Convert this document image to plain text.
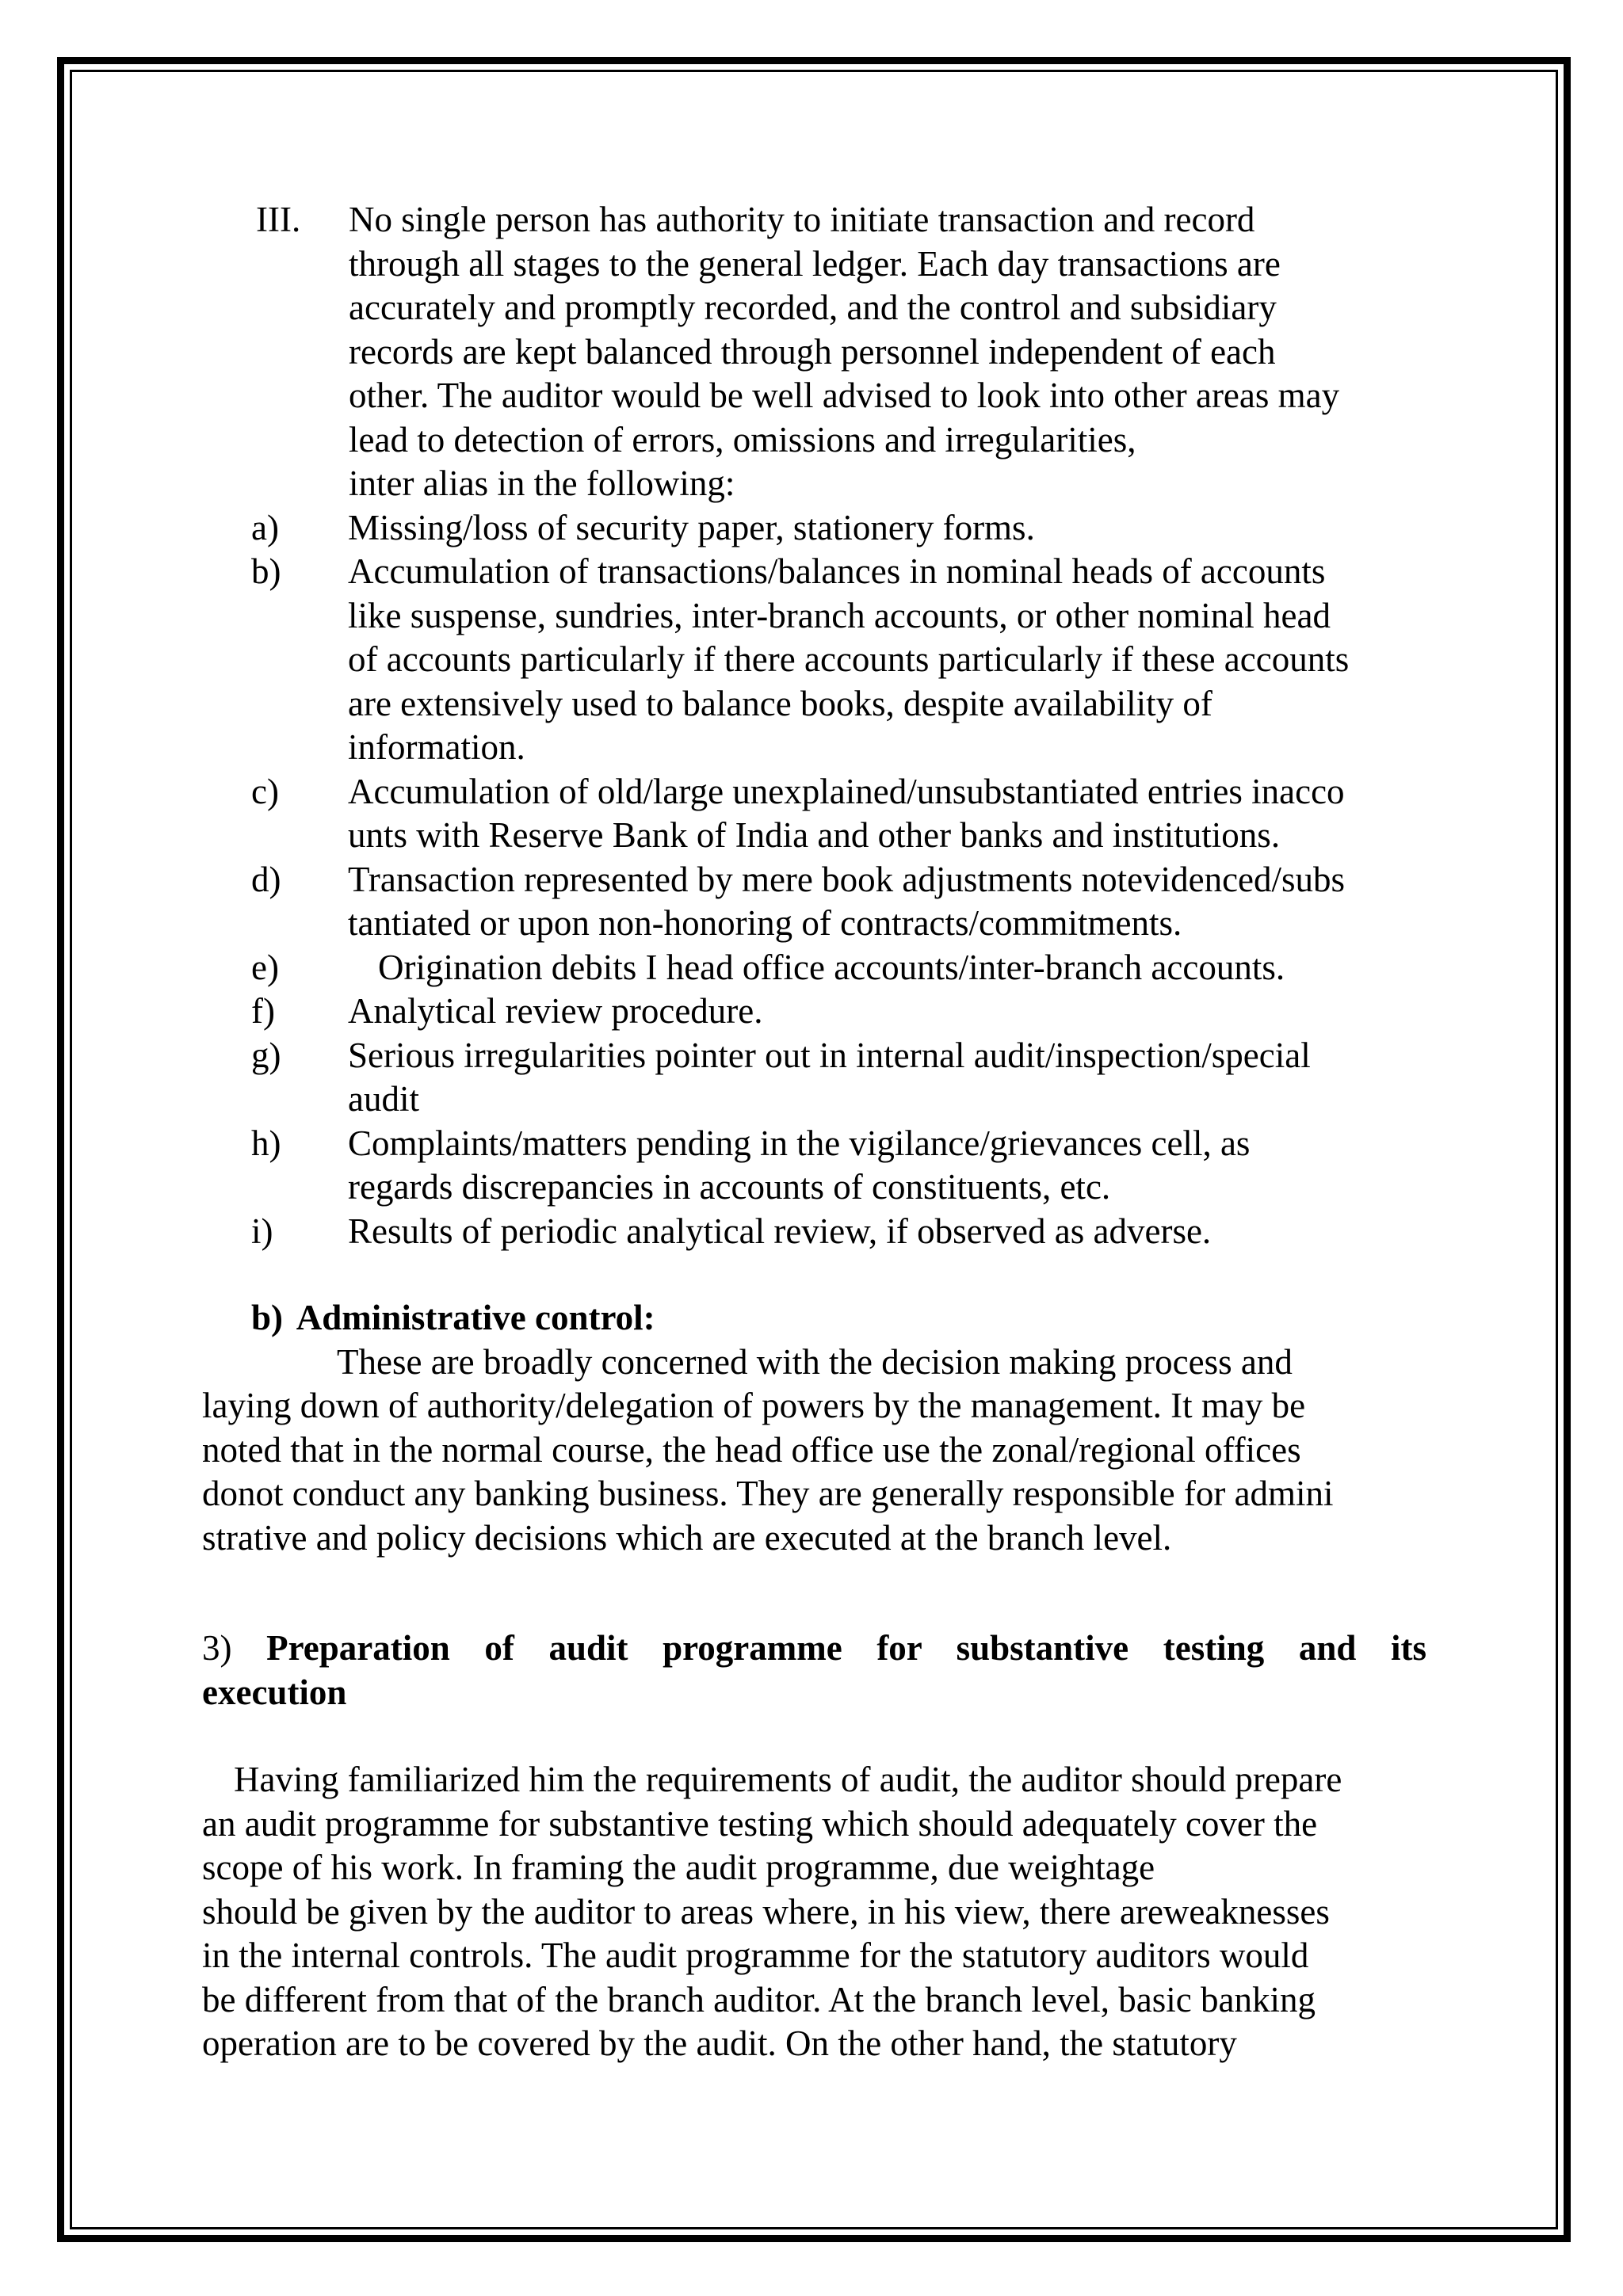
III.	No single person has authority to initiate transaction and record
through all stages to the general ledger. Each day transactions are
accurately and promptly recorded, and the control and subsidiary
records are kept balanced through personnel independent of each
other. The auditor would be well advised to look into other areas may
lead to detection of errors, omissions and irregularities,
inter alias in the following:
a)	Missing/loss of security paper, stationery forms.
b)	Accumulation of transactions/balances in nominal heads of accounts
like suspense, sundries, inter-branch accounts, or other nominal head
of accounts particularly if there accounts particularly if these accounts
are extensively used to balance books, despite availability of
information.
c)	Accumulation of old/large unexplained/unsubstantiated entries inacco
unts with Reserve Bank of India and other banks and institutions.
d)	Transaction represented by mere book adjustments notevidenced/subs
tantiated or upon non-honoring of contracts/commitments.
e)	Origination debits I head office accounts/inter-branch accounts.
f)	Analytical review procedure.
g)	Serious irregularities pointer out in internal audit/inspection/special
audit
h)	Complaints/matters pending in the vigilance/grievances cell, as
regards discrepancies in accounts of constituents, etc.
i)	Results of periodic analytical review, if observed as adverse.
b) Administrative control:
These are broadly concerned with the decision making process and
laying down of authority/delegation of powers by the management. It may be
noted that in the normal course, the head office use the zonal/regional offices
donot conduct any banking business. They are generally responsible for admini
strative and policy decisions which are executed at the branch level.
3) Preparation of audit programme for substantive testing and its
execution
Having familiarized him the requirements of audit, the auditor should prepare
an audit programme for substantive testing which should adequately cover the
scope of his work. In framing the audit programme, due weightage
should be given by the auditor to areas where, in his view, there areweaknesses
in the internal controls. The audit programme for the statutory auditors would
be different from that of the branch auditor. At the branch level, basic banking
operation are to be covered by the audit. On the other hand, the statutory
